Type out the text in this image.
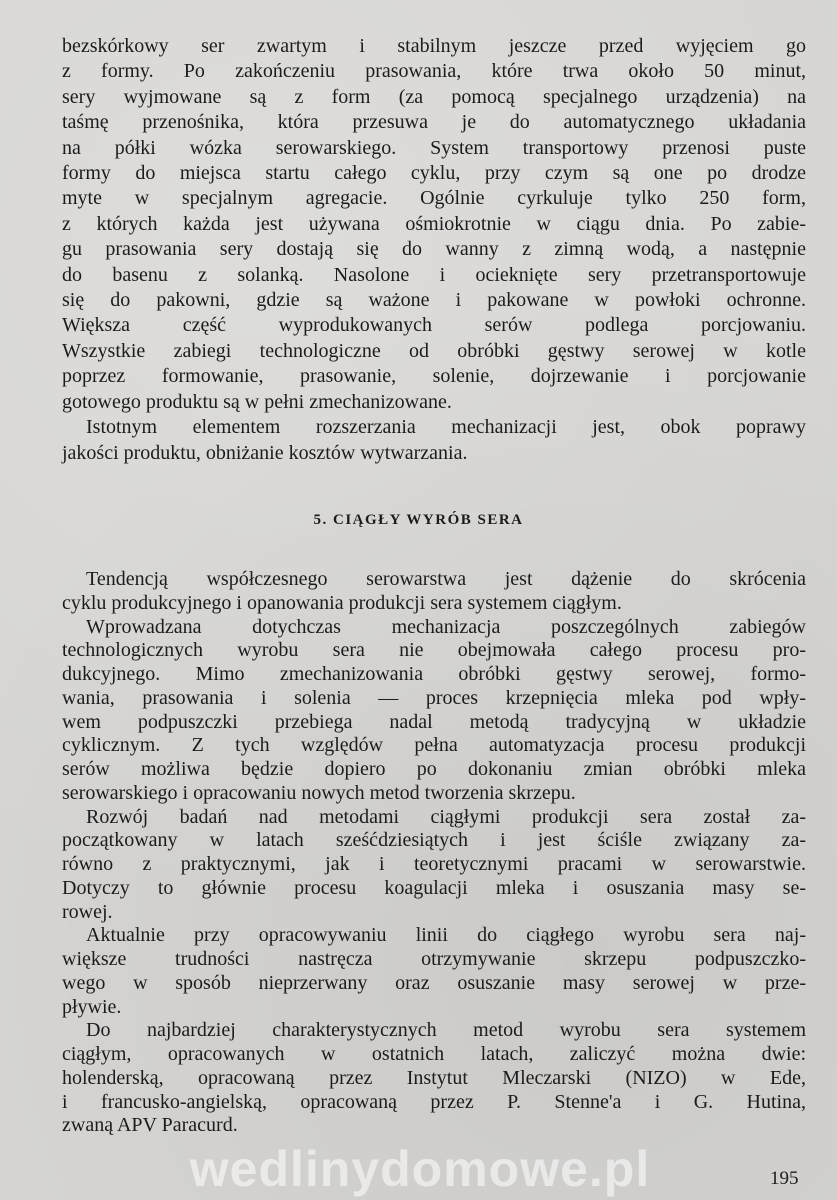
bezskórkowy ser zwartym i stabilnym jeszcze przed wyjęciem go
z formy. Po zakończeniu prasowania, które trwa około 50 minut,
sery wyjmowane są z form (za pomocą specjalnego urządzenia) na
taśmę przenośnika, która przesuwa je do automatycznego układania
na półki wózka serowarskiego. System transportowy przenosi puste
formy do miejsca startu całego cyklu, przy czym są one po drodze
myte w specjalnym agregacie. Ogólnie cyrkuluje tylko 250 form,
z których każda jest używana ośmiokrotnie w ciągu dnia. Po zabie-
gu prasowania sery dostają się do wanny z zimną wodą, a następnie
do basenu z solanką. Nasolone i ocieknięte sery przetransportowuje
się do pakowni, gdzie są ważone i pakowane w powłoki ochronne.
Większa część wyprodukowanych serów podlega porcjowaniu.
Wszystkie zabiegi technologiczne od obróbki gęstwy serowej w kotle
poprzez formowanie, prasowanie, solenie, dojrzewanie i porcjowanie
gotowego produktu są w pełni zmechanizowane.
Istotnym elementem rozszerzania mechanizacji jest, obok poprawy
jakości produktu, obniżanie kosztów wytwarzania.
5. CIĄGŁY WYRÓB SERA
Tendencją współczesnego serowarstwa jest dążenie do skrócenia
cyklu produkcyjnego i opanowania produkcji sera systemem ciągłym.
Wprowadzana dotychczas mechanizacja poszczególnych zabiegów
technologicznych wyrobu sera nie obejmowała całego procesu pro-
dukcyjnego. Mimo zmechanizowania obróbki gęstwy serowej, formo-
wania, prasowania i solenia — proces krzepnięcia mleka pod wpły-
wem podpuszczki przebiega nadal metodą tradycyjną w układzie
cyklicznym. Z tych względów pełna automatyzacja procesu produkcji
serów możliwa będzie dopiero po dokonaniu zmian obróbki mleka
serowarskiego i opracowaniu nowych metod tworzenia skrzepu.
Rozwój badań nad metodami ciągłymi produkcji sera został za-
początkowany w latach sześćdziesiątych i jest ściśle związany za-
równo z praktycznymi, jak i teoretycznymi pracami w serowarstwie.
Dotyczy to głównie procesu koagulacji mleka i osuszania masy se-
rowej.
Aktualnie przy opracowywaniu linii do ciągłego wyrobu sera naj-
większe trudności nastręcza otrzymywanie skrzepu podpuszczko-
wego w sposób nieprzerwany oraz osuszanie masy serowej w prze-
pływie.
Do najbardziej charakterystycznych metod wyrobu sera systemem
ciągłym, opracowanych w ostatnich latach, zaliczyć można dwie:
holenderską, opracowaną przez Instytut Mleczarski (NIZO) w Ede,
i francusko-angielską, opracowaną przez P. Stenne'a i G. Hutina,
zwaną APV Paracurd.
wedlinydomowe.pl	195
